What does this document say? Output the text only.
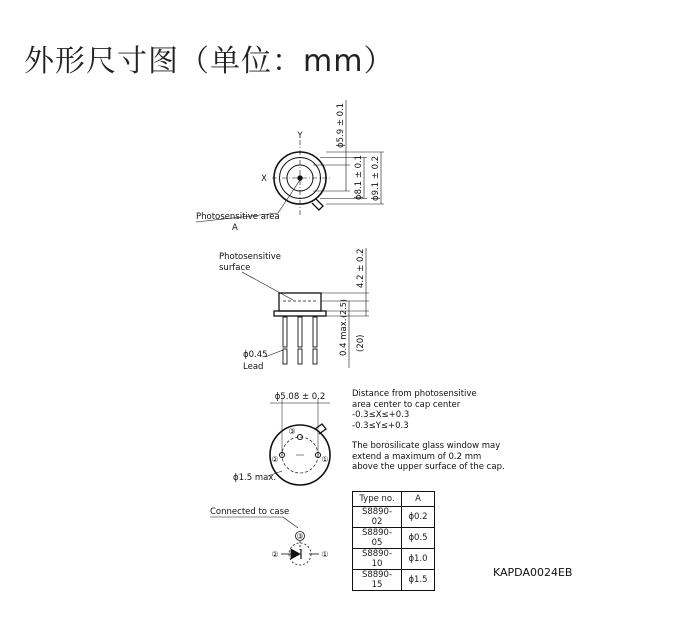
外形尺寸图（单位：mm）
Y
X
ϕ5.9 ± 0.1
ϕ8.1 ± 0.1 ϕ9.1 ± 0.2
Photosensitive area
A
Photosensitive
surface	4.2 ± 0.2
(2.5)
0.4 max. (20)
ϕ0.45
Lead
ϕ5.08 ± 0.2
③
②	①
ϕ1.5 max.
Connected to case
③
②	①
Distance from photosensitive
area center to cap center
-0.3≤X≤+0.3
-0.3≤Y≤+0.3
The borosilicate glass window may
extend a maximum of 0.2 mm
above the upper surface of the cap.
Type no.	A
S8890-02	ϕ0.2
S8890-05	ϕ0.5
S8890-10	ϕ1.0
S8890-15	ϕ1.5
KAPDA0024EB
